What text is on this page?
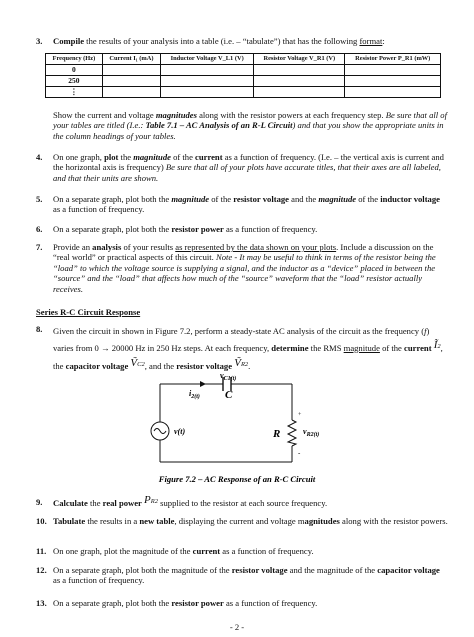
3. Compile the results of your analysis into a table (i.e. – “tabulate”) that has the following format:
Frequency (Hz)	Current I₁ (mA)	Inductor Voltage V_L1 (V)	Resistor Voltage V_R1 (V)	Resistor Power P_R1 (mW)
0				
250				
⋮				
Show the current and voltage magnitudes along with the resistor powers at each frequency step. Be sure that all of your tables are titled (I.e.: Table 7.1 – AC Analysis of an R-L Circuit) and that you show the appropriate units in the column headings of your tables.
4. On one graph, plot the magnitude of the current as a function of frequency. (I.e. – the vertical axis is current and the horizontal axis is frequency) Be sure that all of your plots have accurate titles, that their axes are all labeled, and that their units are shown.
5. On a separate graph, plot both the magnitude of the resistor voltage and the magnitude of the inductor voltage as a function of frequency.
6. On a separate graph, plot both the resistor power as a function of frequency.
7. Provide an analysis of your results as represented by the data shown on your plots. Include a discussion on the “real world” or practical aspects of this circuit. Note - It may be useful to think in terms of the resistor being the “load” to which the voltage source is supplying a signal, and the inductor as a “device” placed in between the “source” and the “load” that affects how much of the “source” waveform that the “load” resistor actually receives.
Series R-C Circuit Response
8. Given the circuit in shown in Figure 7.2, perform a steady-state AC analysis of the circuit as the frequency (f) varies from 0 → 20000 Hz in 250 Hz steps. At each frequency, determine the RMS magnitude of the current Ĩ2, the capacitor voltage ṼC2, and the resistor voltage ṼR2.
$v_{C1(t)}$
$i_{2(t)}$ C
v(t)	R	$v_{R2(t)}$
+
-
Figure 7.2 – AC Response of an R-C Circuit
9. Calculate the real power PR2 supplied to the resistor at each source frequency.
10. Tabulate the results in a new table, displaying the current and voltage magnitudes along with the resistor powers.
11. On one graph, plot the magnitude of the current as a function of frequency.
12. On a separate graph, plot both the magnitude of the resistor voltage and the magnitude of the capacitor voltage as a function of frequency.
13. On a separate graph, plot both the resistor power as a function of frequency.
- 2 -
